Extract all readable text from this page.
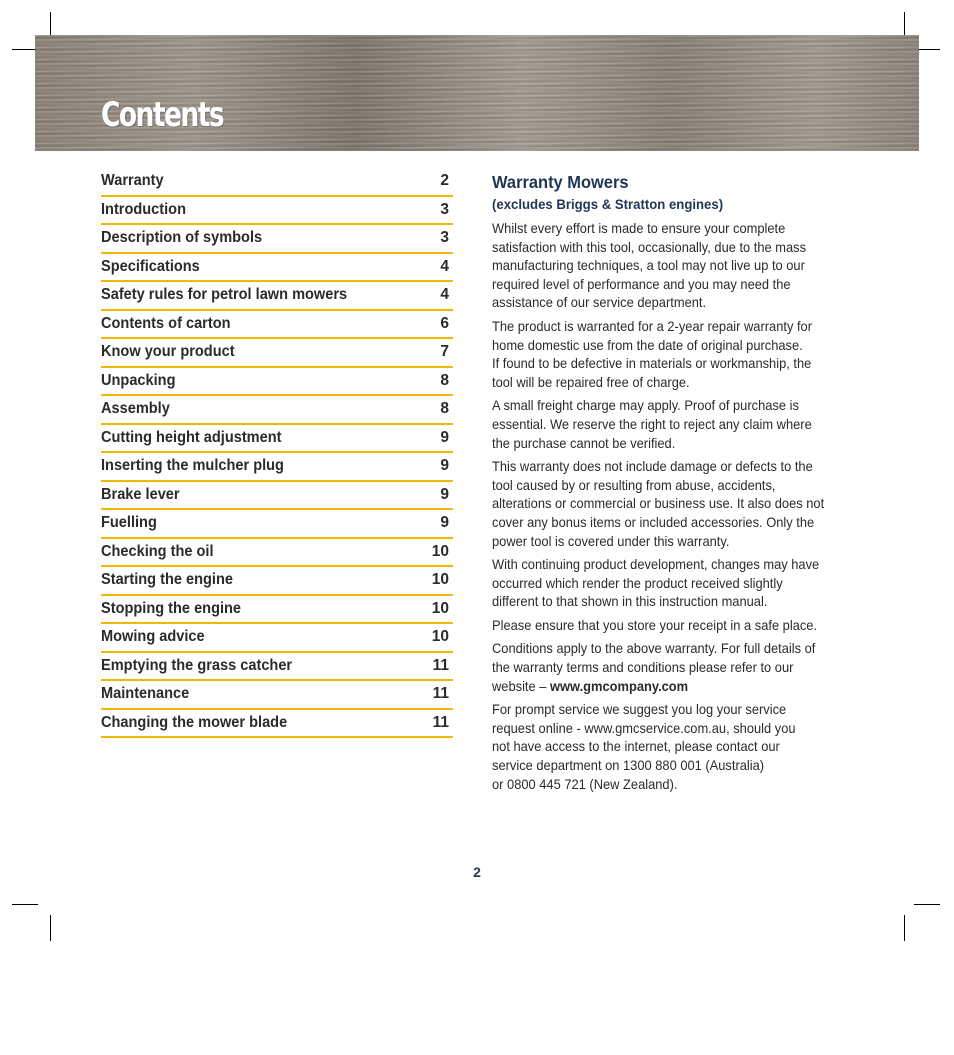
Contents
Warranty	2
Introduction	3
Description of symbols	3
Specifications	4
Safety rules for petrol lawn mowers	4
Contents of carton	6
Know your product	7
Unpacking	8
Assembly	8
Cutting height adjustment	9
Inserting the mulcher plug	9
Brake lever	9
Fuelling	9
Checking the oil	10
Starting the engine	10
Stopping the engine	10
Mowing advice	10
Emptying the grass catcher	11
Maintenance	11
Changing the mower blade	11
Warranty Mowers
(excludes Briggs & Stratton engines)

Whilst every effort is made to ensure your complete
satisfaction with this tool, occasionally, due to the mass
manufacturing techniques, a tool may not live up to our
required level of performance and you may need the
assistance of our service department.

The product is warranted for a 2-year repair warranty for
home domestic use from the date of original purchase.
If found to be defective in materials or workmanship, the
tool will be repaired free of charge.

A small freight charge may apply. Proof of purchase is
essential. We reserve the right to reject any claim where
the purchase cannot be verified.

This warranty does not include damage or defects to the
tool caused by or resulting from abuse, accidents,
alterations or commercial or business use. It also does not
cover any bonus items or included accessories. Only the
power tool is covered under this warranty.

With continuing product development, changes may have
occurred which render the product received slightly
different to that shown in this instruction manual.

Please ensure that you store your receipt in a safe place.

Conditions apply to the above warranty. For full details of
the warranty terms and conditions please refer to our
website – www.gmcompany.com

For prompt service we suggest you log your service
request online - www.gmcservice.com.au, should you
not have access to the internet, please contact our
service department on 1300 880 001 (Australia)
or 0800 445 721 (New Zealand).

2
